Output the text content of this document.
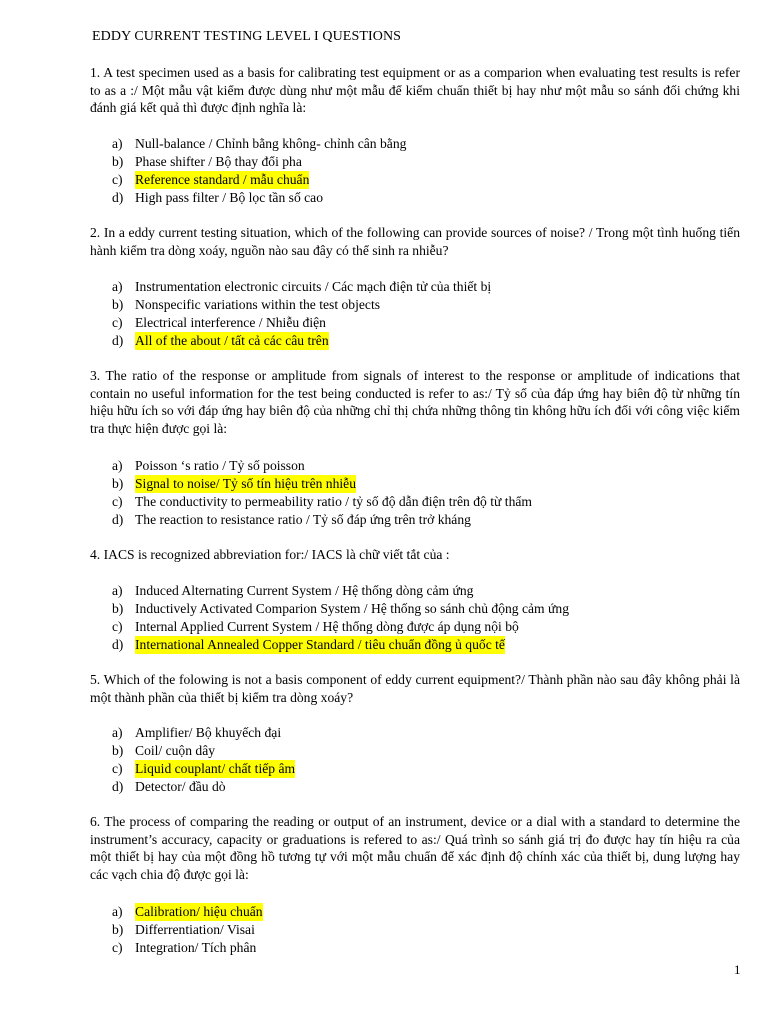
EDDY CURRENT TESTING LEVEL I QUESTIONS

1. A test specimen used as a basis for calibrating test equipment or as a comparion when evaluating test results is refer to as a :/ Một mẫu vật kiểm được dùng như một mẫu để kiểm chuẩn thiết bị hay như một mẫu so sánh đối chứng khi đánh giá kết quả thì được định nghĩa là:

a) Null-balance / Chỉnh bằng không- chỉnh cân bằng
b) Phase shifter / Bộ thay đổi pha
c) Reference standard / mẫu chuẩn
d) High pass filter / Bộ lọc tần số cao

2. In a eddy current testing situation, which of the following can provide sources of noise? / Trong một tình huống tiến hành kiểm tra dòng xoáy, nguồn nào sau đây có thể sinh ra nhiễu?

a) Instrumentation electronic circuits / Các mạch điện tử của thiết bị
b) Nonspecific variations within the test objects
c) Electrical interference / Nhiễu điện
d) All of the about / tất cả các câu trên

3. The ratio of the response or amplitude from signals of interest to the response or amplitude of indications that contain no useful information for the test being conducted is refer to as:/ Tỷ số của đáp ứng hay biên độ từ những tín hiệu hữu ích so với đáp ứng hay biên độ của những chỉ thị chứa những thông tin không hữu ích đối với công việc kiểm tra thực hiện được gọi là:

a) Poisson ‘s ratio / Tỷ số poisson
b) Signal to noise/ Tỷ số tín hiệu trên nhiễu
c) The conductivity to permeability ratio / tỷ số độ dẫn điện trên độ từ thẩm
d) The reaction to resistance ratio / Tỷ số đáp ứng trên trở kháng

4. IACS is recognized abbreviation for:/ IACS là chữ viết tắt của :

a) Induced Alternating Current System / Hệ thống dòng cảm ứng
b) Inductively Activated Comparion System / Hệ thống so sánh chủ động cảm ứng
c) Internal Applied Current System / Hệ thống dòng được áp dụng nội bộ
d) International Annealed Copper Standard / tiêu chuẩn đồng ủ quốc tế

5. Which of the folowing is not a basis component of eddy current equipment?/ Thành phần nào sau đây không phải là một thành phần của thiết bị kiểm tra dòng xoáy?

a) Amplifier/ Bộ khuyếch đại
b) Coil/ cuộn dây
c) Liquid couplant/ chất tiếp âm
d) Detector/ đầu dò

6. The process of comparing the reading or output of an instrument, device or a dial with a standard to determine the instrument’s accuracy, capacity or graduations is refered to as:/ Quá trình so sánh giá trị đo được hay tín hiệu ra của một thiết bị hay của một đồng hồ tương tự với một mẫu chuẩn để xác định độ chính xác của thiết bị, dung lượng hay các vạch chia độ được gọi là:

a) Calibration/ hiệu chuẩn
b) Differrentiation/ Visai
c) Integration/ Tích phân
1
